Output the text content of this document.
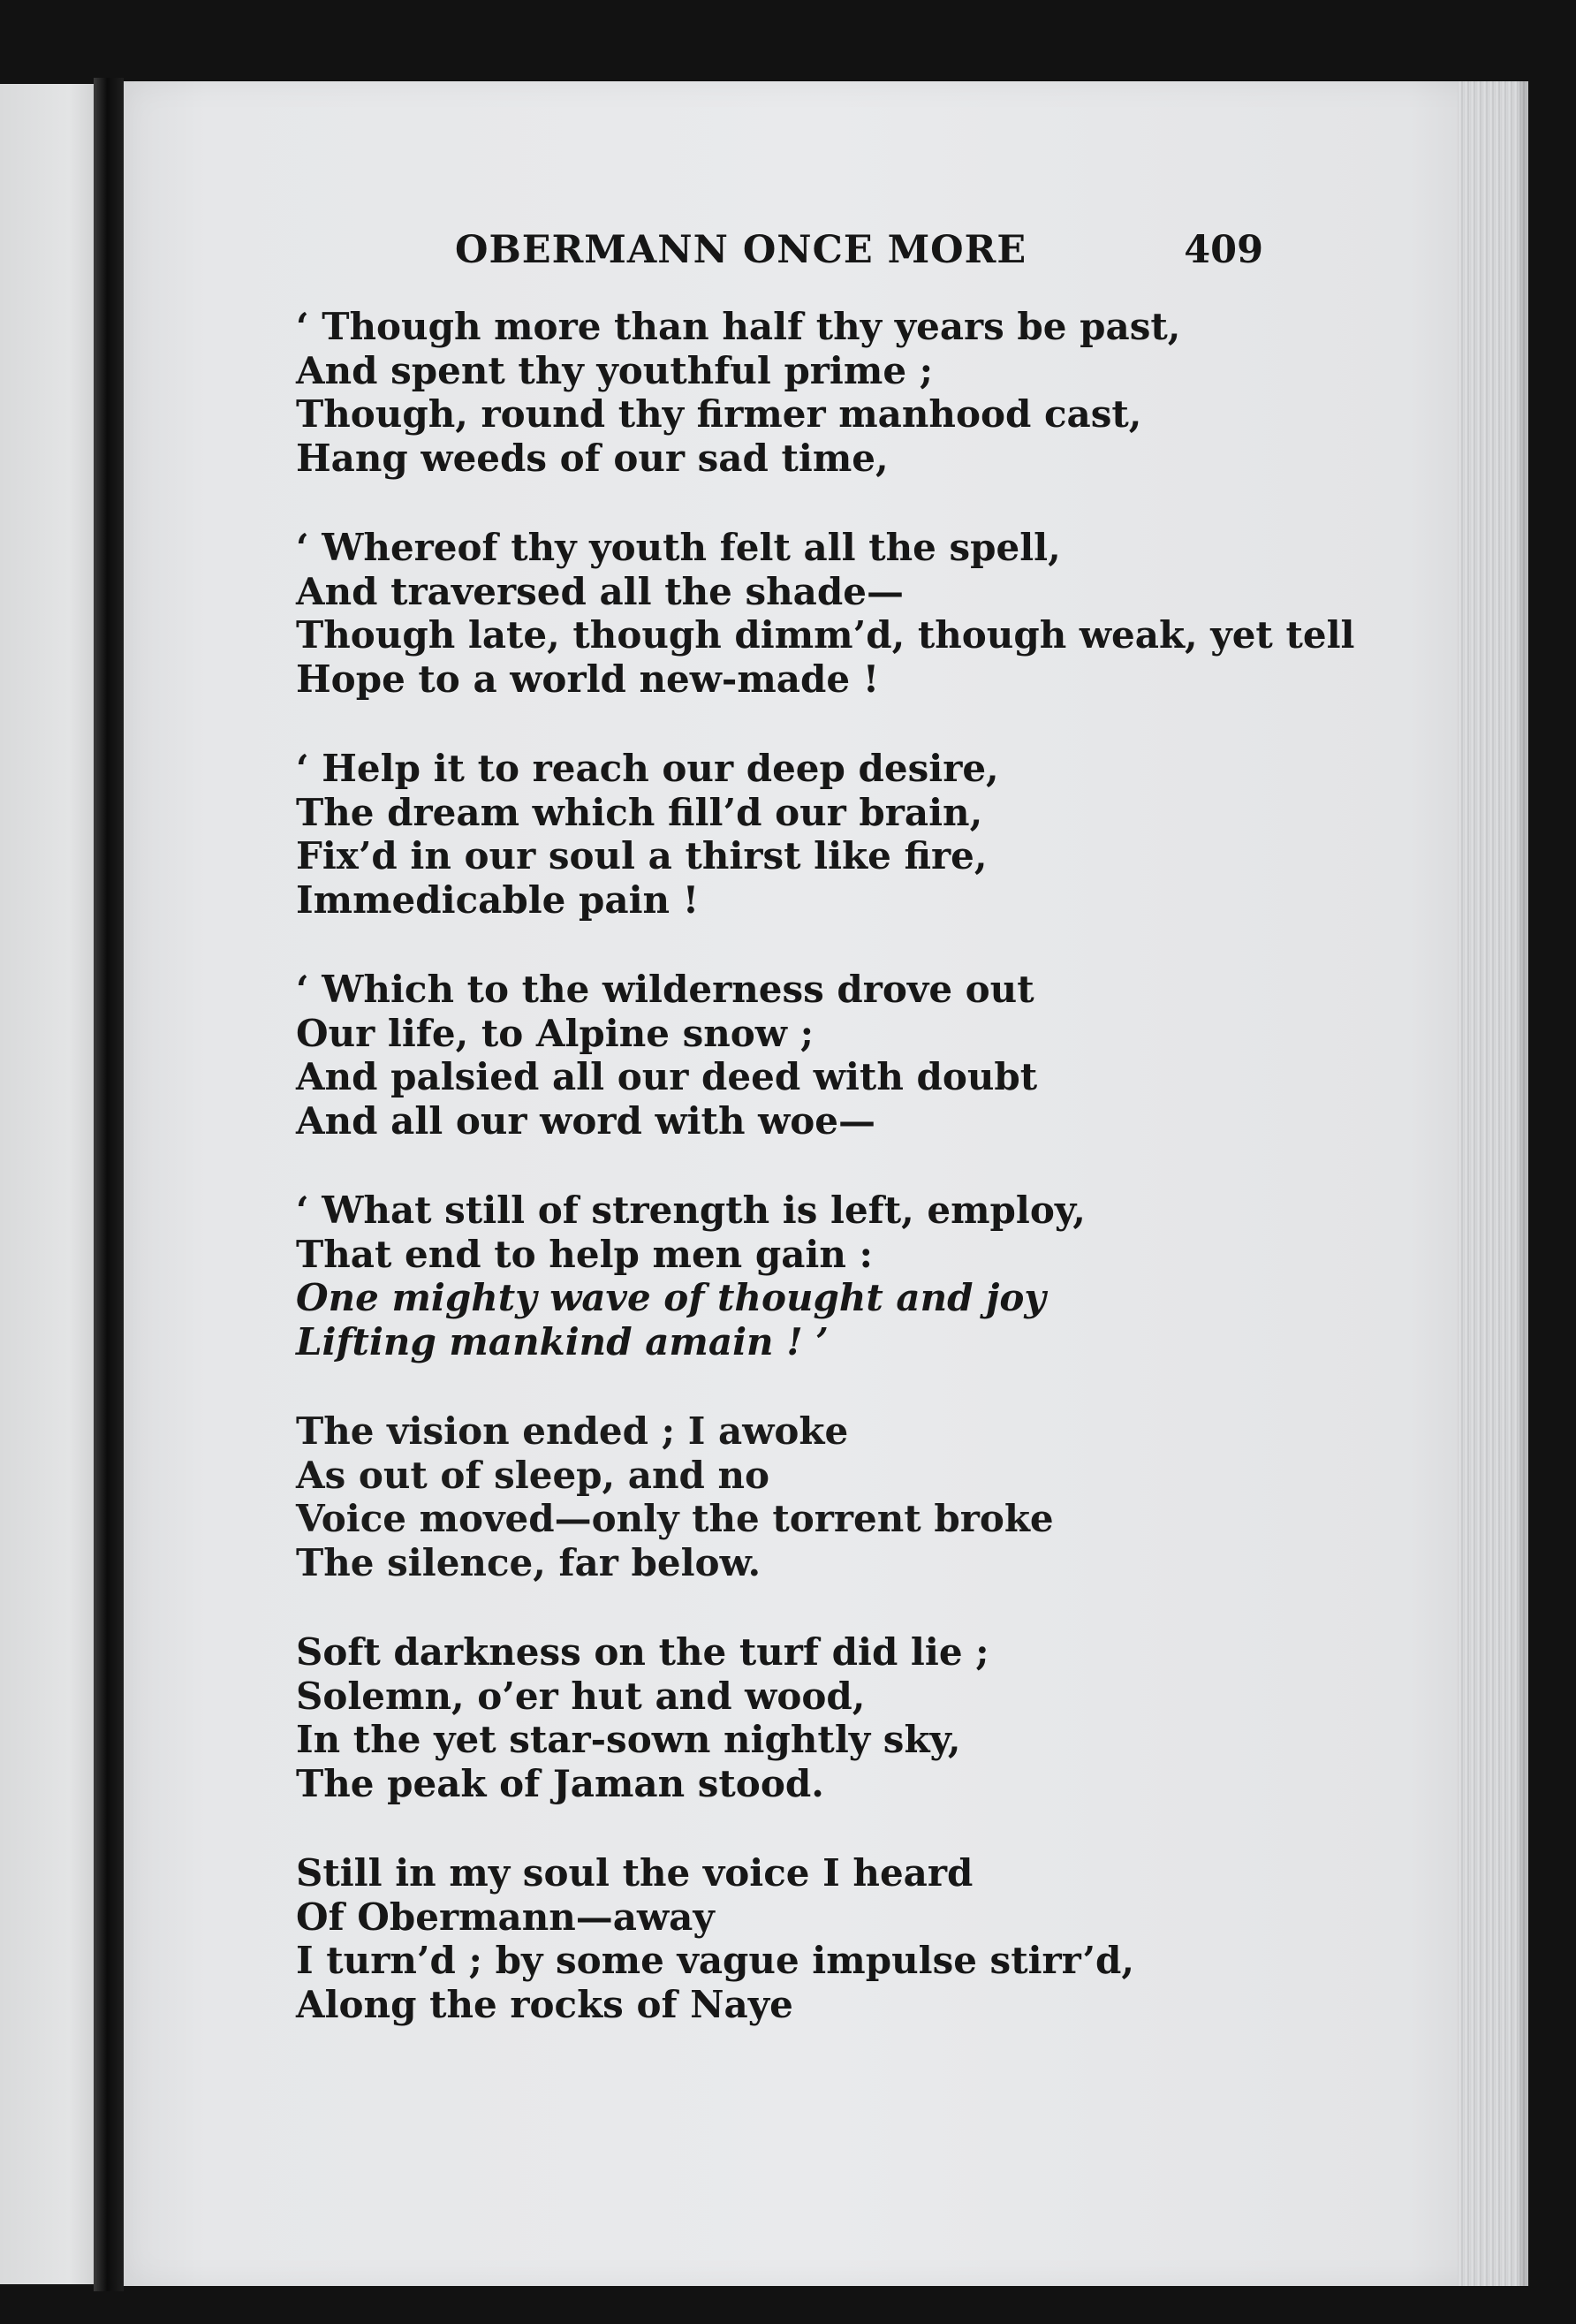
OBERMANN ONCE MORE	409
‘ Though more than half thy years be past,
And spent thy youthful prime ;
Though, round thy firmer manhood cast,
Hang weeds of our sad time,
‘ Whereof thy youth felt all the spell,
And traversed all the shade—
Though late, though dimm’d, though weak, yet tell
Hope to a world new-made !
‘ Help it to reach our deep desire,
The dream which fill’d our brain,
Fix’d in our soul a thirst like fire,
Immedicable pain !
‘ Which to the wilderness drove out
Our life, to Alpine snow ;
And palsied all our deed with doubt
And all our word with woe—
‘ What still of strength is left, employ,
That end to help men gain :
One mighty wave of thought and joy
Lifting mankind amain ! ’
The vision ended ; I awoke
As out of sleep, and no
Voice moved—only the torrent broke
The silence, far below.
Soft darkness on the turf did lie ;
Solemn, o’er hut and wood,
In the yet star-sown nightly sky,
The peak of Jaman stood.
Still in my soul the voice I heard
Of Obermann—away
I turn’d ; by some vague impulse stirr’d,
Along the rocks of Naye
